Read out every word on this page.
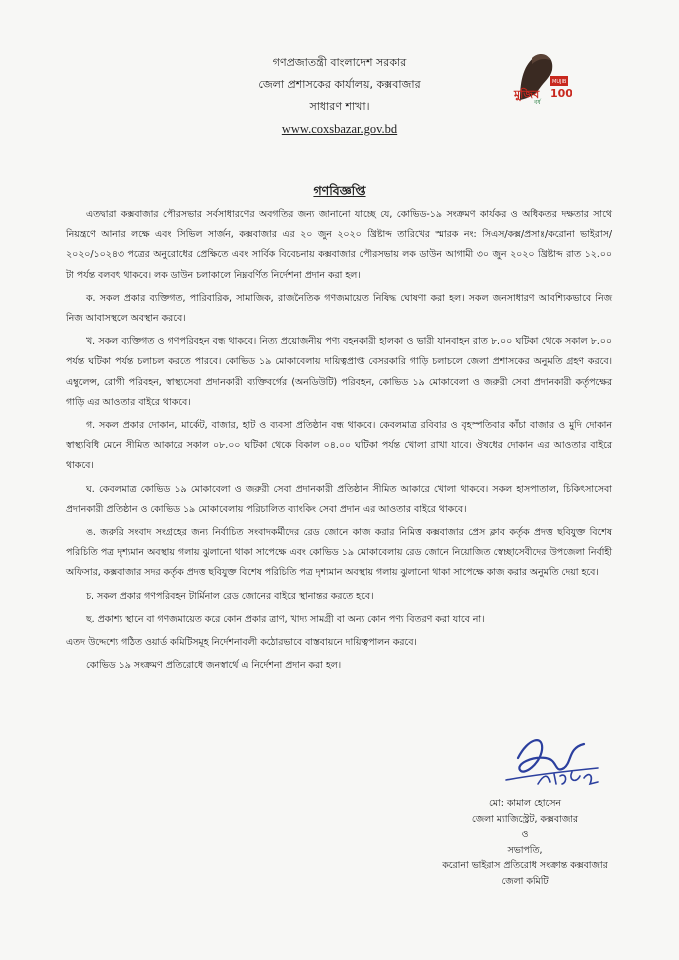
গণপ্রজাতন্ত্রী বাংলাদেশ সরকার
জেলা প্রশাসকের কার্যালয়, কক্সবাজার
সাধারণ শাখা।
www.coxsbazar.gov.bd
মুজিব
MUJIB
100
বর্ষ
গণবিজ্ঞপ্তি

এতদ্বারা কক্সবাজার পৌরসভার সর্বসাধারণের অবগতির জন্য জানানো যাচ্ছে যে, কোভিড-১৯ সংক্রমণ কার্যকর ও অধিকতর দক্ষতার সাথে নিয়ন্ত্রণে আনার লক্ষে এবং সিভিল সার্জন, কক্সবাজার এর ২০ জুন ২০২০ খ্রিষ্টাব্দ তারিখের স্মারক নং: সিএস/কক্স/প্রসাঃ/করোনা ভাইরাস/২০২০/১০২৪৩ পত্রের অনুরোধের প্রেক্ষিতে এবং সার্বিক বিবেচনায় কক্সবাজার পৌরসভায় লক ডাউন আগামী ৩০ জুন ২০২০ খ্রিষ্টাব্দ রাত ১২.০০ টা পর্যন্ত বলবৎ থাকবে। লক ডাউন চলাকালে নিম্নবর্ণিত নির্দেশনা প্রদান করা হল।

ক. সকল প্রকার ব্যক্তিগত, পারিবারিক, সামাজিক, রাজনৈতিক গণজমায়েত নিষিদ্ধ ঘোষণা করা হল। সকল জনসাধারণ আবশ্যিকভাবে নিজ নিজ আবাসস্থলে অবস্থান করবে।

খ. সকল ব্যক্তিগত ও গণপরিবহন বন্ধ থাকবে। নিত্য প্রয়োজনীয় পণ্য বহনকারী হালকা ও ভারী যানবাহন রাত ৮.০০ ঘটিকা থেকে সকাল ৮.০০ পর্যন্ত ঘটিকা পর্যন্ত চলাচল করতে পারবে। কোভিড ১৯ মোকাবেলায় দায়িত্বপ্রাপ্ত বেসরকারি গাড়ি চলাচলে জেলা প্রশাসকের অনুমতি গ্রহণ করবে। এম্বুলেন্স, রোগী পরিবহন, স্বাস্থ্যসেবা প্রদানকারী ব্যক্তিবর্গের (অনডিউটি) পরিবহন, কোভিড ১৯ মোকাবেলা ও জরুরী সেবা প্রদানকারী কর্তৃপক্ষের গাড়ি এর আওতার বাইরে থাকবে।

গ. সকল প্রকার দোকান, মার্কেট, বাজার, হাট ও ব্যবসা প্রতিষ্ঠান বন্ধ থাকবে। কেবলমাত্র রবিবার ও বৃহস্পতিবার কাঁচা বাজার ও মুদি দোকান স্বাস্থ্যবিধি মেনে সীমিত আকারে সকাল ০৮.০০ ঘটিকা থেকে বিকাল ০৪.০০ ঘটিকা পর্যন্ত খোলা রাখা যাবে। ঔষধের দোকান এর আওতার বাইরে থাকবে।

ঘ. কেবলমাত্র কোভিড ১৯ মোকাবেলা ও জরুরী সেবা প্রদানকারী প্রতিষ্ঠান সীমিত আকারে খোলা থাকবে। সকল হাসপাতাল, চিকিৎসাসেবা প্রদানকারী প্রতিষ্ঠান ও কোভিড ১৯ মোকাবেলায় পরিচালিত ব্যাংকিং সেবা প্রদান এর আওতার বাইরে থাকবে।

ঙ. জরুরি সংবাদ সংগ্রহের জন্য নির্বাচিত সংবাদকর্মীদের রেড জোনে কাজ করার নিমিত্ত কক্সবাজার প্রেস ক্লাব কর্তৃক প্রদত্ত ছবিযুক্ত বিশেষ পরিচিতি পত্র দৃশ্যমান অবস্থায় গলায় ঝুলানো থাকা সাপেক্ষে এবং কোভিড ১৯ মোকাবেলায় রেড জোনে নিয়োজিত স্বেচ্ছাসেবীদের উপজেলা নির্বাহী অফিসার, কক্সবাজার সদর কর্তৃক প্রদত্ত ছবিযুক্ত বিশেষ পরিচিতি পত্র দৃশ্যমান অবস্থায় গলায় ঝুলানো থাকা সাপেক্ষে কাজ করার অনুমতি দেয়া হবে।

চ. সকল প্রকার গণপরিবহন টার্মিনাল রেড জোনের বাইরে স্থানান্তর করতে হবে।

ছ. প্রকাশ্য স্থানে বা গণজমায়েত করে কোন প্রকার ত্রাণ, খাদ্য সামগ্রী বা অন্য কোন পণ্য বিতরণ করা যাবে না।

এতদ উদ্দেশ্যে গঠিত ওয়ার্ড কমিটিসমূহ নির্দেশনাবলী কঠোরভাবে বাস্তবায়নে দায়িত্বপালন করবে।

কোভিড ১৯ সংক্রমণ প্রতিরোধে জনস্বার্থে এ নির্দেশনা প্রদান করা হল।

মো: কামাল হোসেন
জেলা ম্যাজিস্ট্রেট, কক্সবাজার
ও
সভাপতি,
করোনা ভাইরাস প্রতিরোধ সংক্রান্ত কক্সবাজার
জেলা কমিটি
